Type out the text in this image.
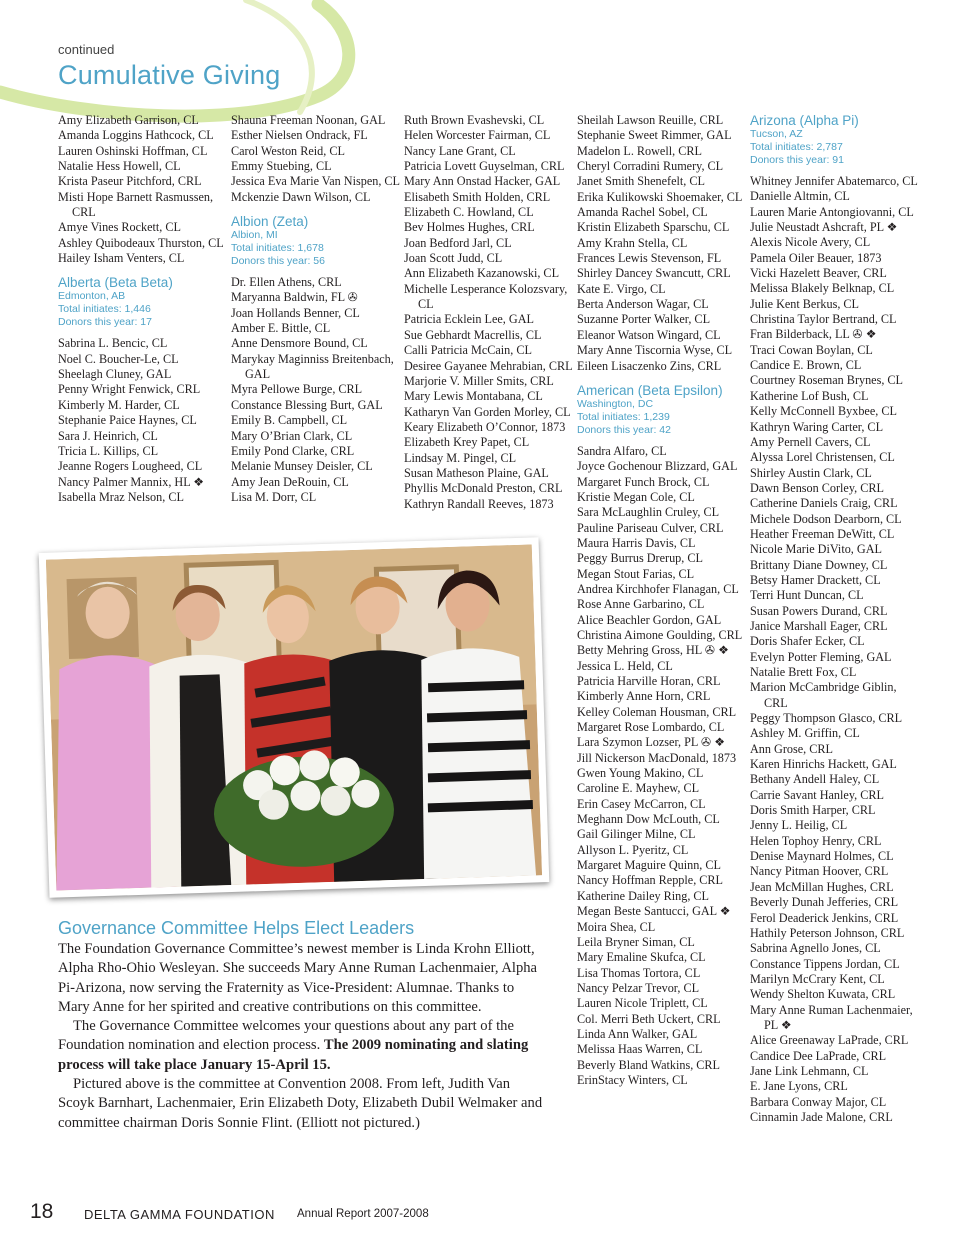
continued
Cumulative Giving
Amy Elizabeth Garrison, CL
Amanda Loggins Hathcock, CL
Lauren Oshinski Hoffman, CL
Natalie Hess Howell, CL
Krista Paseur Pitchford, CRL
Misti Hope Barnett Rasmussen, CRL
Amye Vines Rockett, CL
Ashley Quibodeaux Thurston, CL
Hailey Isham Venters, CL
Alberta (Beta Beta)
Edmonton, AB
Total initiates: 1,446
Donors this year: 17
Sabrina L. Bencic, CL
Noel C. Boucher-Le, CL
Sheelagh Cluney, GAL
Penny Wright Fenwick, CRL
Kimberly M. Harder, CL
Stephanie Paice Haynes, CL
Sara J. Heinrich, CL
Tricia L. Killips, CL
Jeanne Rogers Lougheed, CL
Nancy Palmer Mannix, HL ❖
Isabella Mraz Nelson, CL
Shauna Freeman Noonan, GAL
Esther Nielsen Ondrack, FL
Carol Weston Reid, CL
Emmy Stuebing, CL
Jessica Eva Marie Van Nispen, CL
Mckenzie Dawn Wilson, CL
Albion (Zeta)
Albion, MI
Total initiates: 1,678
Donors this year: 56
Dr. Ellen Athens, CRL
Maryanna Baldwin, FL ✇
Joan Hollands Benner, CL
Amber E. Bittle, CL
Anne Densmore Bound, CL
Marykay Maginniss Breitenbach, GAL
Myra Pellowe Burge, CRL
Constance Blessing Burt, GAL
Emily B. Campbell, CL
Mary O’Brian Clark, CL
Emily Pond Clarke, CRL
Melanie Munsey Deisler, CL
Amy Jean DeRouin, CL
Lisa M. Dorr, CL
Ruth Brown Evashevski, CL
Helen Worcester Fairman, CL
Nancy Lane Grant, CL
Patricia Lovett Guyselman, CRL
Mary Ann Onstad Hacker, GAL
Elisabeth Smith Holden, CRL
Elizabeth C. Howland, CL
Bev Holmes Hughes, CRL
Joan Bedford Jarl, CL
Joan Scott Judd, CL
Ann Elizabeth Kazanowski, CL
Michelle Lesperance Kolozsvary, CL
Patricia Ecklein Lee, GAL
Sue Gebhardt Macrellis, CL
Calli Patricia McCain, CL
Desiree Gayanee Mehrabian, CRL
Marjorie V. Miller Smits, CRL
Mary Lewis Montabana, CL
Katharyn Van Gorden Morley, CL
Keary Elizabeth O’Connor, 1873
Elizabeth Krey Papet, CL
Lindsay M. Pingel, CL
Susan Matheson Plaine, GAL
Phyllis McDonald Preston, CRL
Kathryn Randall Reeves, 1873
Sheilah Lawson Reuille, CRL
Stephanie Sweet Rimmer, GAL
Madelon L. Rowell, CRL
Cheryl Corradini Rumery, CL
Janet Smith Shenefelt, CL
Erika Kulikowski Shoemaker, CL
Amanda Rachel Sobel, CL
Kristin Elizabeth Sparschu, CL
Amy Krahn Stella, CL
Frances Lewis Stevenson, FL
Shirley Dancey Swancutt, CRL
Kate E. Virgo, CL
Berta Anderson Wagar, CL
Suzanne Porter Walker, CL
Eleanor Watson Wingard, CL
Mary Anne Tiscornia Wyse, CL
Eileen Lisaczenko Zins, CRL
American (Beta Epsilon)
Washington, DC
Total initiates: 1,239
Donors this year: 42
Sandra Alfaro, CL
Joyce Gochenour Blizzard, GAL
Margaret Funch Brock, CL
Kristie Megan Cole, CL
Sara McLaughlin Cruley, CL
Pauline Pariseau Culver, CRL
Maura Harris Davis, CL
Peggy Burrus Drerup, CL
Megan Stout Farias, CL
Andrea Kirchhofer Flanagan, CL
Rose Anne Garbarino, CL
Alice Beachler Gordon, GAL
Christina Aimone Goulding, CRL
Betty Mehring Gross, HL ✇ ❖
Jessica L. Held, CL
Patricia Harville Horan, CRL
Kimberly Anne Horn, CRL
Kelley Coleman Housman, CRL
Margaret Rose Lombardo, CL
Lara Szymon Lozser, PL ✇ ❖
Jill Nickerson MacDonald, 1873
Gwen Young Makino, CL
Caroline E. Mayhew, CL
Erin Casey McCarron, CL
Meghann Dow McLouth, CL
Gail Gilinger Milne, CL
Allyson L. Pyeritz, CL
Margaret Maguire Quinn, CL
Nancy Hoffman Repple, CRL
Katherine Dailey Ring, CL
Megan Beste Santucci, GAL ❖
Moira Shea, CL
Leila Bryner Siman, CL
Mary Emaline Skufca, CL
Lisa Thomas Tortora, CL
Nancy Pelzar Trevor, CL
Lauren Nicole Triplett, CL
Col. Merri Beth Uckert, CRL
Linda Ann Walker, GAL
Melissa Haas Warren, CL
Beverly Bland Watkins, CRL
ErinStacy Winters, CL
Arizona (Alpha Pi)
Tucson, AZ
Total initiates: 2,787
Donors this year: 91
Whitney Jennifer Abatemarco, CL
Danielle Altmin, CL
Lauren Marie Antongiovanni, CL
Julie Neustadt Ashcraft, PL ❖
Alexis Nicole Avery, CL
Pamela Oiler Beauer, 1873
Vicki Hazelett Beaver, CRL
Melissa Blakely Belknap, CL
Julie Kent Berkus, CL
Christina Taylor Bertrand, CL
Fran Bilderback, LL ✇ ❖
Traci Cowan Boylan, CL
Candice E. Brown, CL
Courtney Roseman Brynes, CL
Katherine Lof Bush, CL
Kelly McConnell Byxbee, CL
Kathryn Waring Carter, CL
Amy Pernell Cavers, CL
Alyssa Lorel Christensen, CL
Shirley Austin Clark, CL
Dawn Benson Corley, CRL
Catherine Daniels Craig, CRL
Michele Dodson Dearborn, CL
Heather Freeman DeWitt, CL
Nicole Marie DiVito, GAL
Brittany Diane Downey, CL
Betsy Hamer Drackett, CL
Terri Hunt Duncan, CL
Susan Powers Durand, CRL
Janice Marshall Eager, CRL
Doris Shafer Ecker, CL
Evelyn Potter Fleming, GAL
Natalie Brett Fox, CL
Marion McCambridge Giblin, CRL
Peggy Thompson Glasco, CRL
Ashley M. Griffin, CL
Ann Grose, CRL
Karen Hinrichs Hackett, GAL
Bethany Andell Haley, CL
Carrie Savant Hanley, CRL
Doris Smith Harper, CRL
Jenny L. Heilig, CL
Helen Tophoy Henry, CRL
Denise Maynard Holmes, CL
Nancy Pitman Hoover, CRL
Jean McMillan Hughes, CRL
Beverly Dunah Jefferies, CRL
Ferol Deaderick Jenkins, CRL
Hathily Peterson Johnson, CRL
Sabrina Agnello Jones, CL
Constance Tippens Jordan, CL
Marilyn McCrary Kent, CL
Wendy Shelton Kuwata, CRL
Mary Anne Ruman Lachenmaier, PL ❖
Alice Greenaway LaPrade, CRL
Candice Dee LaPrade, CRL
Jane Link Lehmann, CL
E. Jane Lyons, CRL
Barbara Conway Major, CL
Cinnamin Jade Malone, CRL
Governance Committee Helps Elect Leaders

The Foundation Governance Committee’s newest member is Linda Krohn Elliott, Alpha Rho-Ohio Wesleyan. She succeeds Mary Anne Ruman Lachenmaier, Alpha Pi-Arizona, now serving the Fraternity as Vice-President: Alumnae. Thanks to Mary Anne for her spirited and creative contributions on this committee.

The Governance Committee welcomes your questions about any part of the Foundation nomination and election process. The 2009 nominating and slating process will take place January 15-April 15.

Pictured above is the committee at Convention 2008. From left, Judith Van Scoyk Barnhart, Lachenmaier, Erin Elizabeth Doty, Elizabeth Dubil Welmaker and committee chairman Doris Sonnie Flint. (Elliott not pictured.)

18 DELTA GAMMA FOUNDATION Annual Report 2007-2008
